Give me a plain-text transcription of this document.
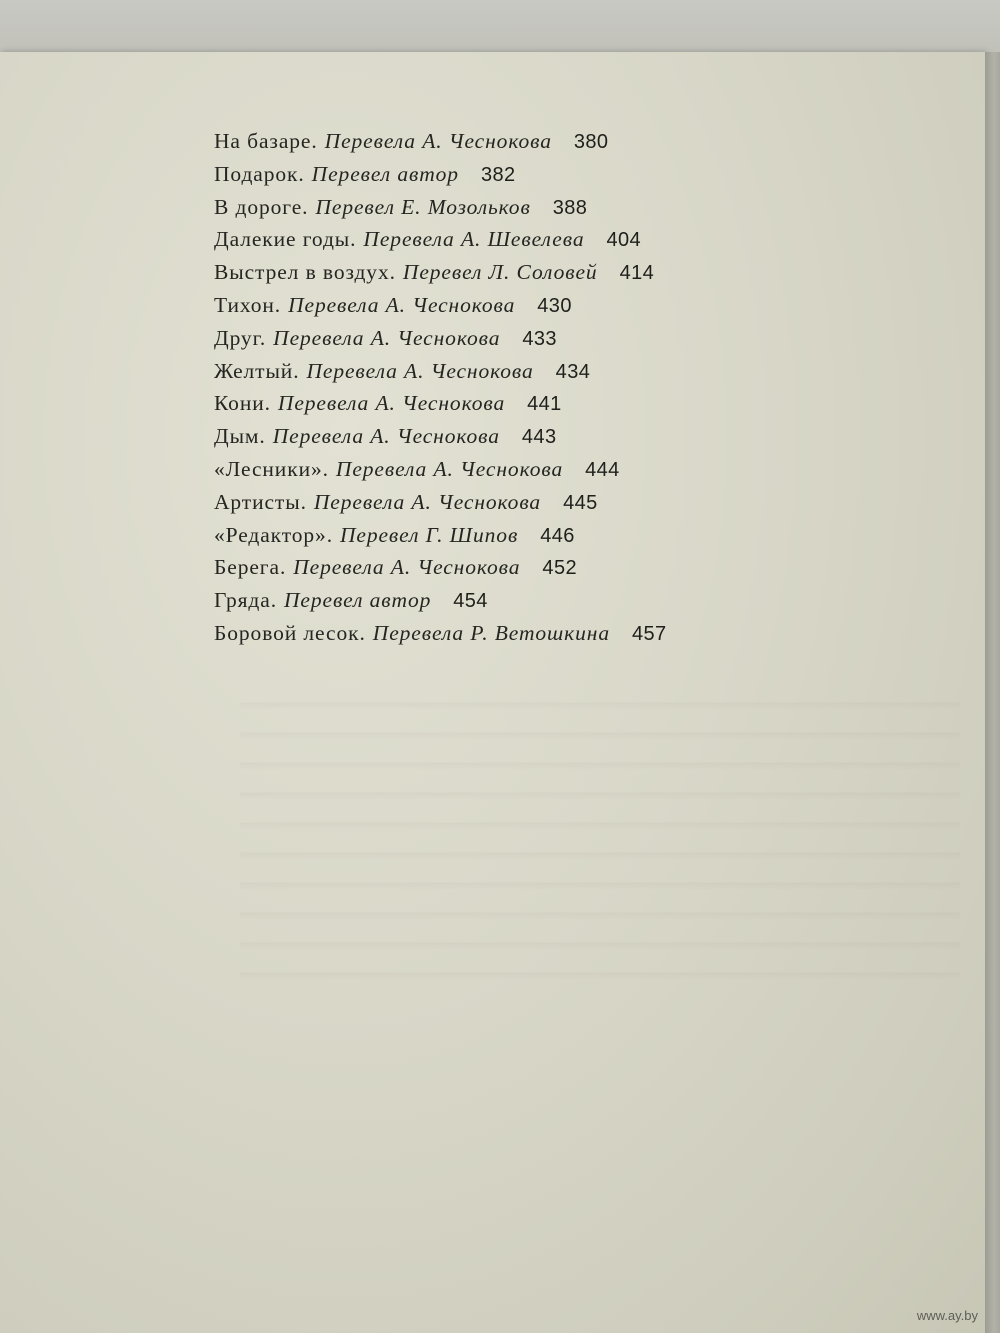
На базаре. Перевела А. Чеснокова 380
Подарок. Перевел автор 382
В дороге. Перевел Е. Мозольков 388
Далекие годы. Перевела А. Шевелева 404
Выстрел в воздух. Перевел Л. Соловей 414
Тихон. Перевела А. Чеснокова 430
Друг. Перевела А. Чеснокова 433
Желтый. Перевела А. Чеснокова 434
Кони. Перевела А. Чеснокова 441
Дым. Перевела А. Чеснокова 443
«Лесники». Перевела А. Чеснокова 444
Артисты. Перевела А. Чеснокова 445
«Редактор». Перевел Г. Шипов 446
Берега. Перевела А. Чеснокова 452
Гряда. Перевел автор 454
Боровой лесок. Перевела Р. Ветошкина 457
www.ay.by
